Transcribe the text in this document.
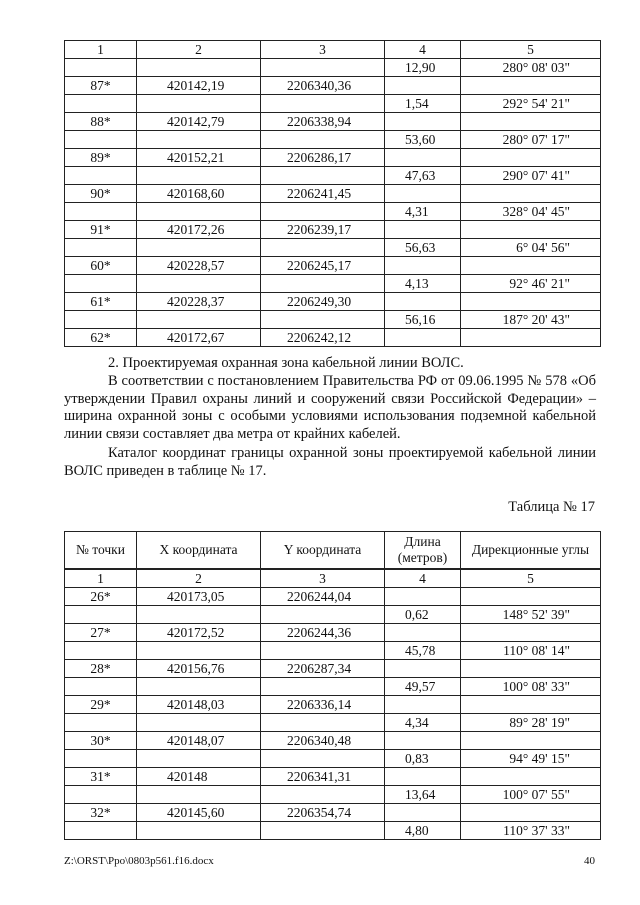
1	2	3	4	5
			12,90	280° 08' 03"
87*	420142,19	2206340,36		
			1,54	292° 54' 21"
88*	420142,79	2206338,94		
			53,60	280° 07' 17"
89*	420152,21	2206286,17		
			47,63	290° 07' 41"
90*	420168,60	2206241,45		
			4,31	328° 04' 45"
91*	420172,26	2206239,17		
			56,63	6° 04' 56"
60*	420228,57	2206245,17		
			4,13	92° 46' 21"
61*	420228,37	2206249,30		
			56,16	187° 20' 43"
62*	420172,67	2206242,12		

2. Проектируемая охранная зона кабельной линии ВОЛС.

В соответствии с постановлением Правительства РФ от 09.06.1995 № 578 «Об утверждении Правил охраны линий и сооружений связи Российской Федерации» – ширина охранной зоны с особыми условиями использования подземной кабельной линии связи составляет два метра от крайних кабелей.

Каталог координат границы охранной зоны проектируемой кабельной линии ВОЛС приведен в таблице № 17.

Таблица № 17
№ точки	X координата	Y координата	Длина (метров)	Дирекционные углы
1	2	3	4	5
26*	420173,05	2206244,04		
			0,62	148° 52' 39"
27*	420172,52	2206244,36		
			45,78	110° 08' 14"
28*	420156,76	2206287,34		
			49,57	100° 08' 33"
29*	420148,03	2206336,14		
			4,34	89° 28' 19"
30*	420148,07	2206340,48		
			0,83	94° 49' 15"
31*	420148	2206341,31		
			13,64	100° 07' 55"
32*	420145,60	2206354,74		
			4,80	110° 37' 33"
Z:\ORST\Ppo\0803p561.f16.docx	40
